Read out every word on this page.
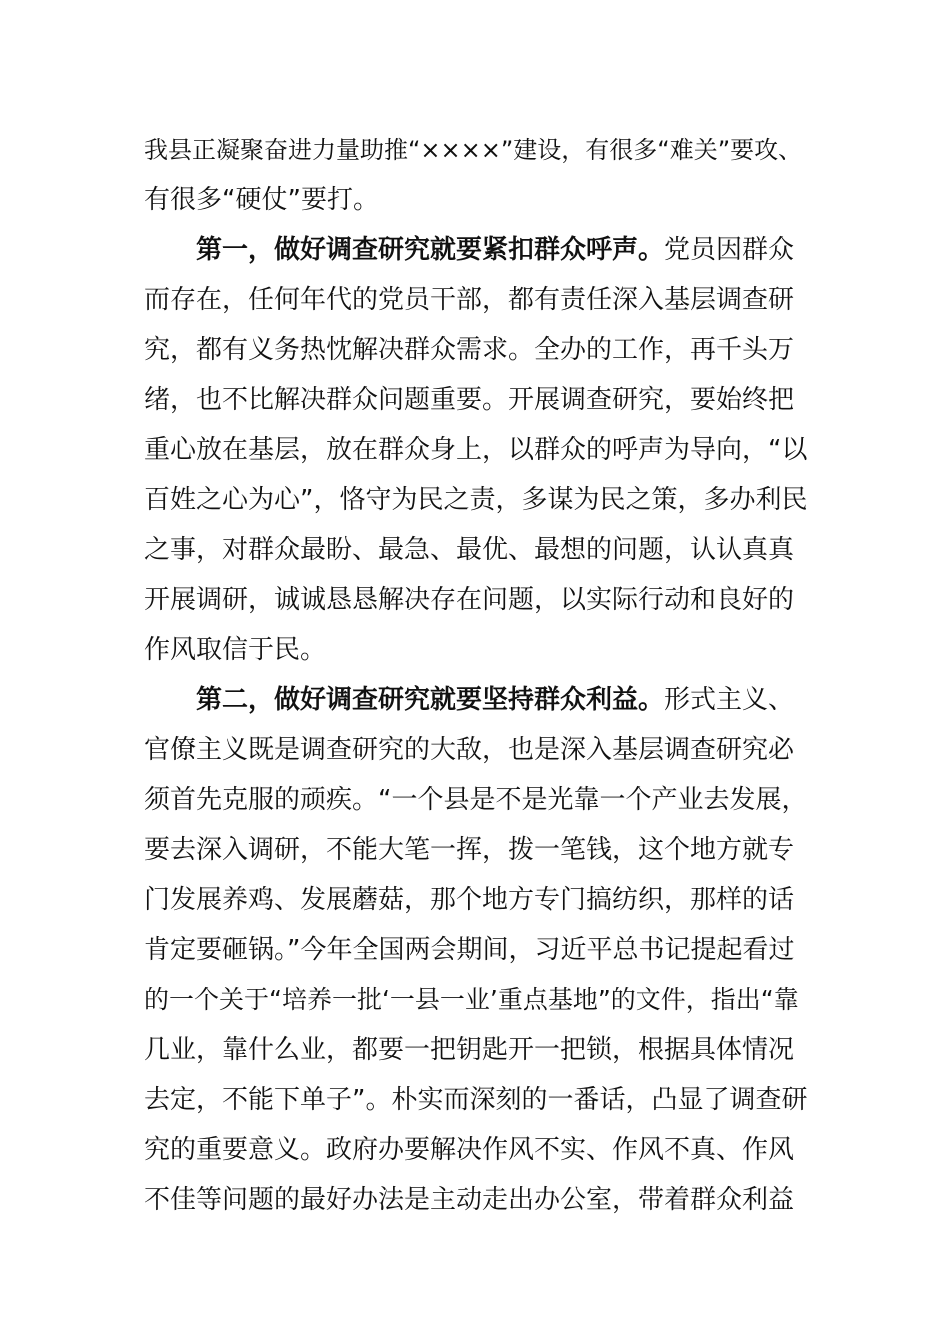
我县正凝聚奋进力量助推“××××”建设，有很多“难关”要攻、
有很多“硬仗”要打。
第一，做好调查研究就要紧扣群众呼声。党员因群众
而存在，任何年代的党员干部，都有责任深入基层调查研
究，都有义务热忱解决群众需求。全办的工作，再千头万
绪，也不比解决群众问题重要。开展调查研究，要始终把
重心放在基层，放在群众身上，以群众的呼声为导向，“以
百姓之心为心”，恪守为民之责，多谋为民之策，多办利民
之事，对群众最盼、最急、最优、最想的问题，认认真真
开展调研，诚诚恳恳解决存在问题，以实际行动和良好的
作风取信于民。
第二，做好调查研究就要坚持群众利益。形式主义、
官僚主义既是调查研究的大敌，也是深入基层调查研究必
须首先克服的顽疾。“一个县是不是光靠一个产业去发展，
要去深入调研，不能大笔一挥，拨一笔钱，这个地方就专
门发展养鸡、发展蘑菇，那个地方专门搞纺织，那样的话
肯定要砸锅。”今年全国两会期间，习近平总书记提起看过
的一个关于“培养一批‘一县一业’重点基地”的文件，指出“靠
几业，靠什么业，都要一把钥匙开一把锁，根据具体情况
去定，不能下单子”。朴实而深刻的一番话，凸显了调查研
究的重要意义。政府办要解决作风不实、作风不真、作风
不佳等问题的最好办法是主动走出办公室，带着群众利益
